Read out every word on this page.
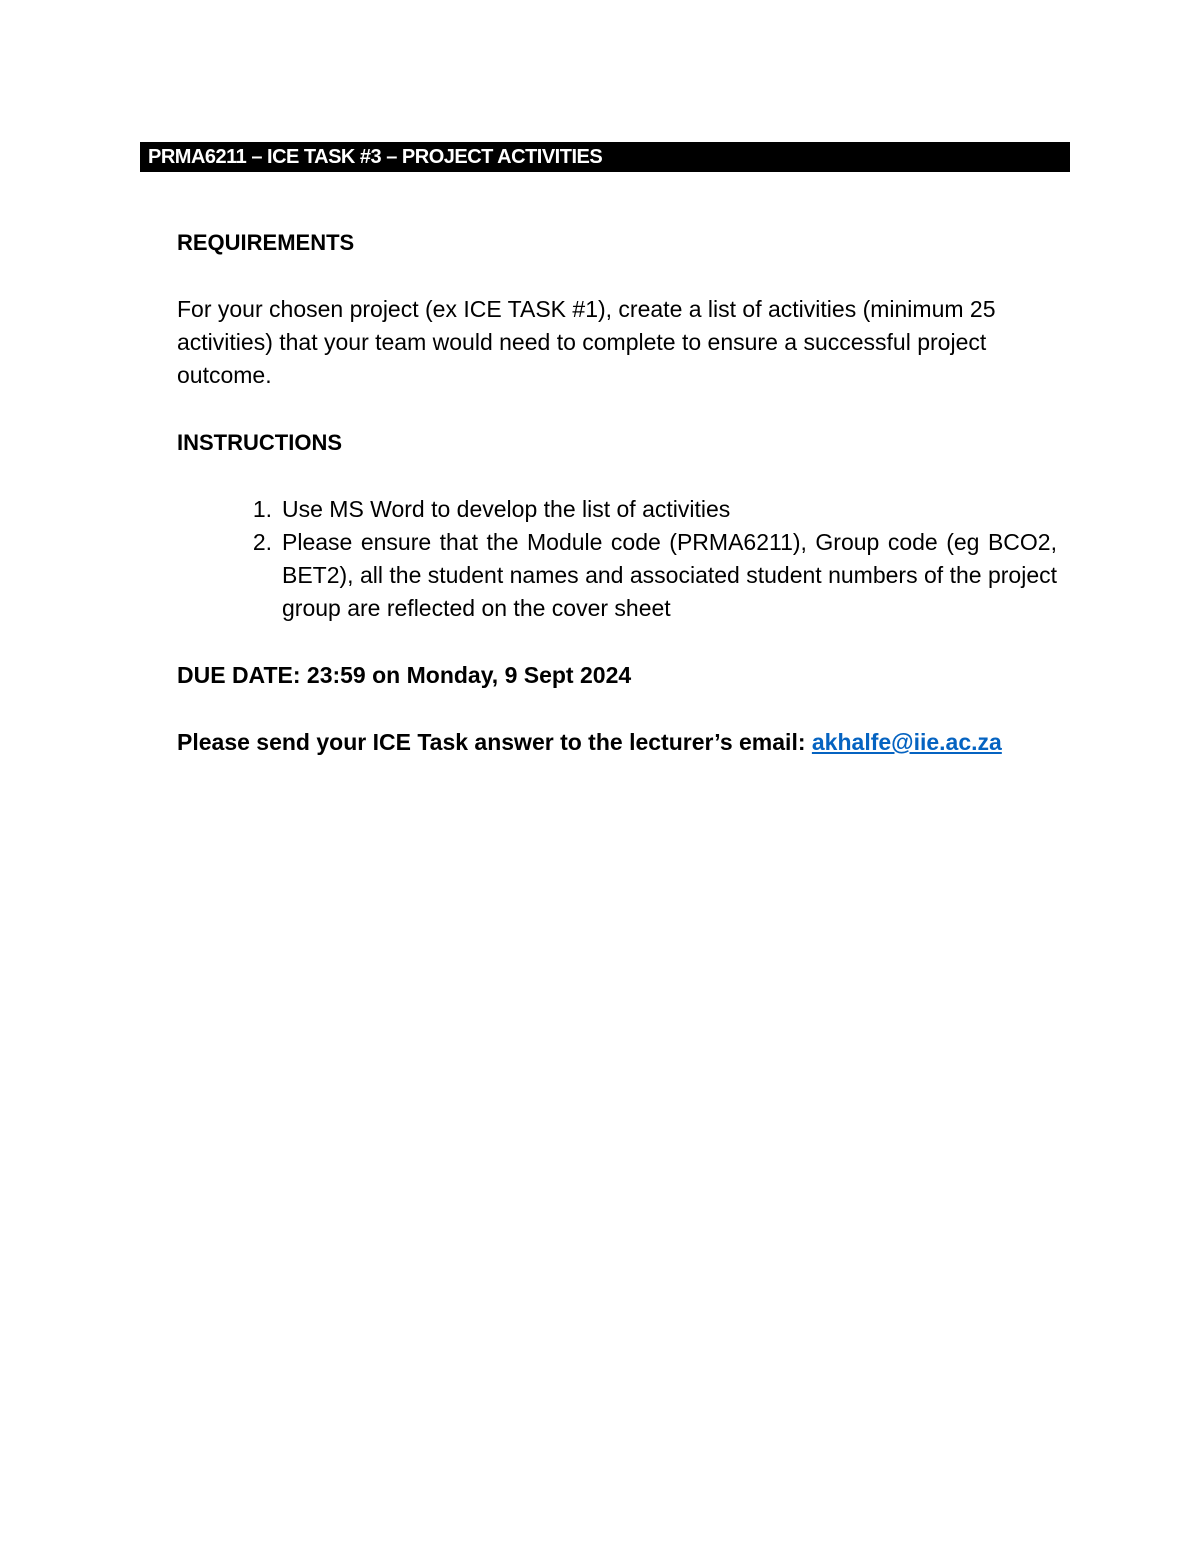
PRMA6211 – ICE TASK #3 – PROJECT ACTIVITIES

REQUIREMENTS

For your chosen project (ex ICE TASK #1), create a list of activities (minimum 25 activities) that your team would need to complete to ensure a successful project outcome.

INSTRUCTIONS

1. Use MS Word to develop the list of activities
2. Please ensure that the Module code (PRMA6211), Group code (eg BCO2, BET2), all the student names and associated student numbers of the project group are reflected on the cover sheet

DUE DATE: 23:59 on Monday, 9 Sept 2024

Please send your ICE Task answer to the lecturer’s email: akhalfe@iie.ac.za
